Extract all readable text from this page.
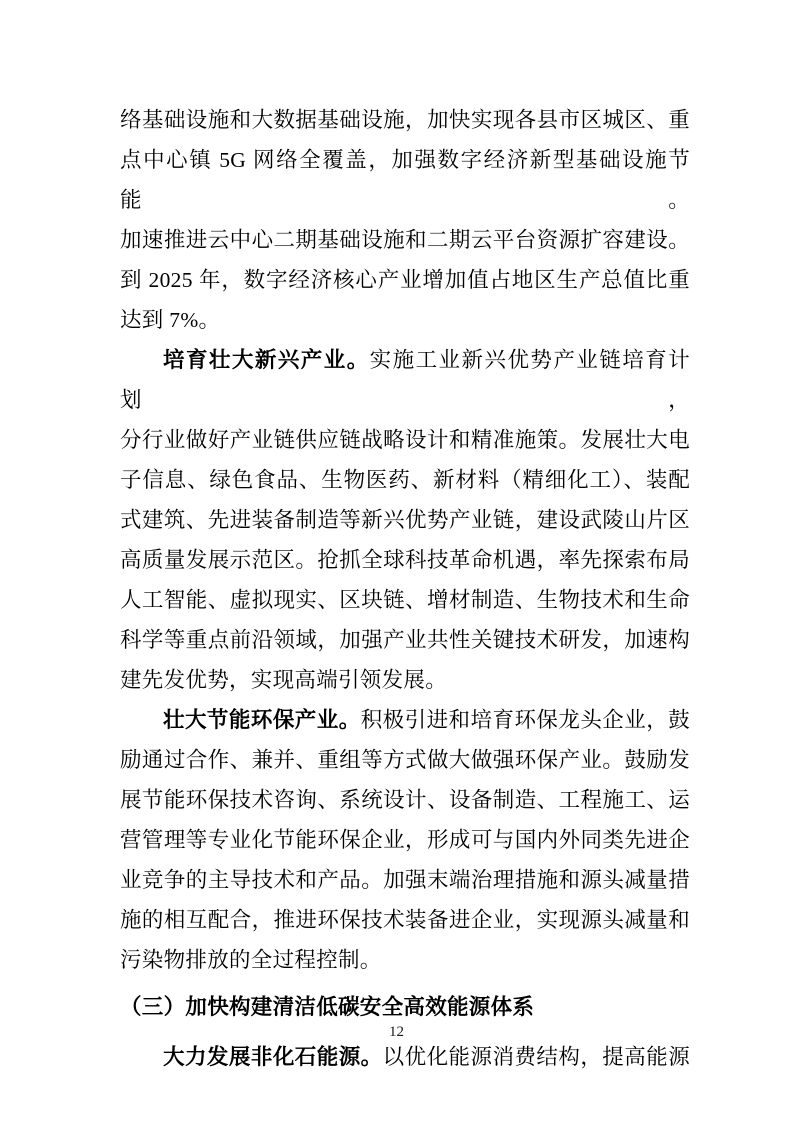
络基础设施和大数据基础设施，加快实现各县市区城区、重
点中心镇 5G 网络全覆盖，加强数字经济新型基础设施节能。
加速推进云中心二期基础设施和二期云平台资源扩容建设。
到 2025 年，数字经济核心产业增加值占地区生产总值比重
达到 7%。
培育壮大新兴产业。实施工业新兴优势产业链培育计划，
分行业做好产业链供应链战略设计和精准施策。发展壮大电
子信息、绿色食品、生物医药、新材料（精细化工）、装配
式建筑、先进装备制造等新兴优势产业链，建设武陵山片区
高质量发展示范区。抢抓全球科技革命机遇，率先探索布局
人工智能、虚拟现实、区块链、增材制造、生物技术和生命
科学等重点前沿领域，加强产业共性关键技术研发，加速构
建先发优势，实现高端引领发展。
壮大节能环保产业。积极引进和培育环保龙头企业，鼓
励通过合作、兼并、重组等方式做大做强环保产业。鼓励发
展节能环保技术咨询、系统设计、设备制造、工程施工、运
营管理等专业化节能环保企业，形成可与国内外同类先进企
业竞争的主导技术和产品。加强末端治理措施和源头减量措
施的相互配合，推进环保技术装备进企业，实现源头减量和
污染物排放的全过程控制。
（三）加快构建清洁低碳安全高效能源体系
大力发展非化石能源。以优化能源消费结构，提高能源
12
